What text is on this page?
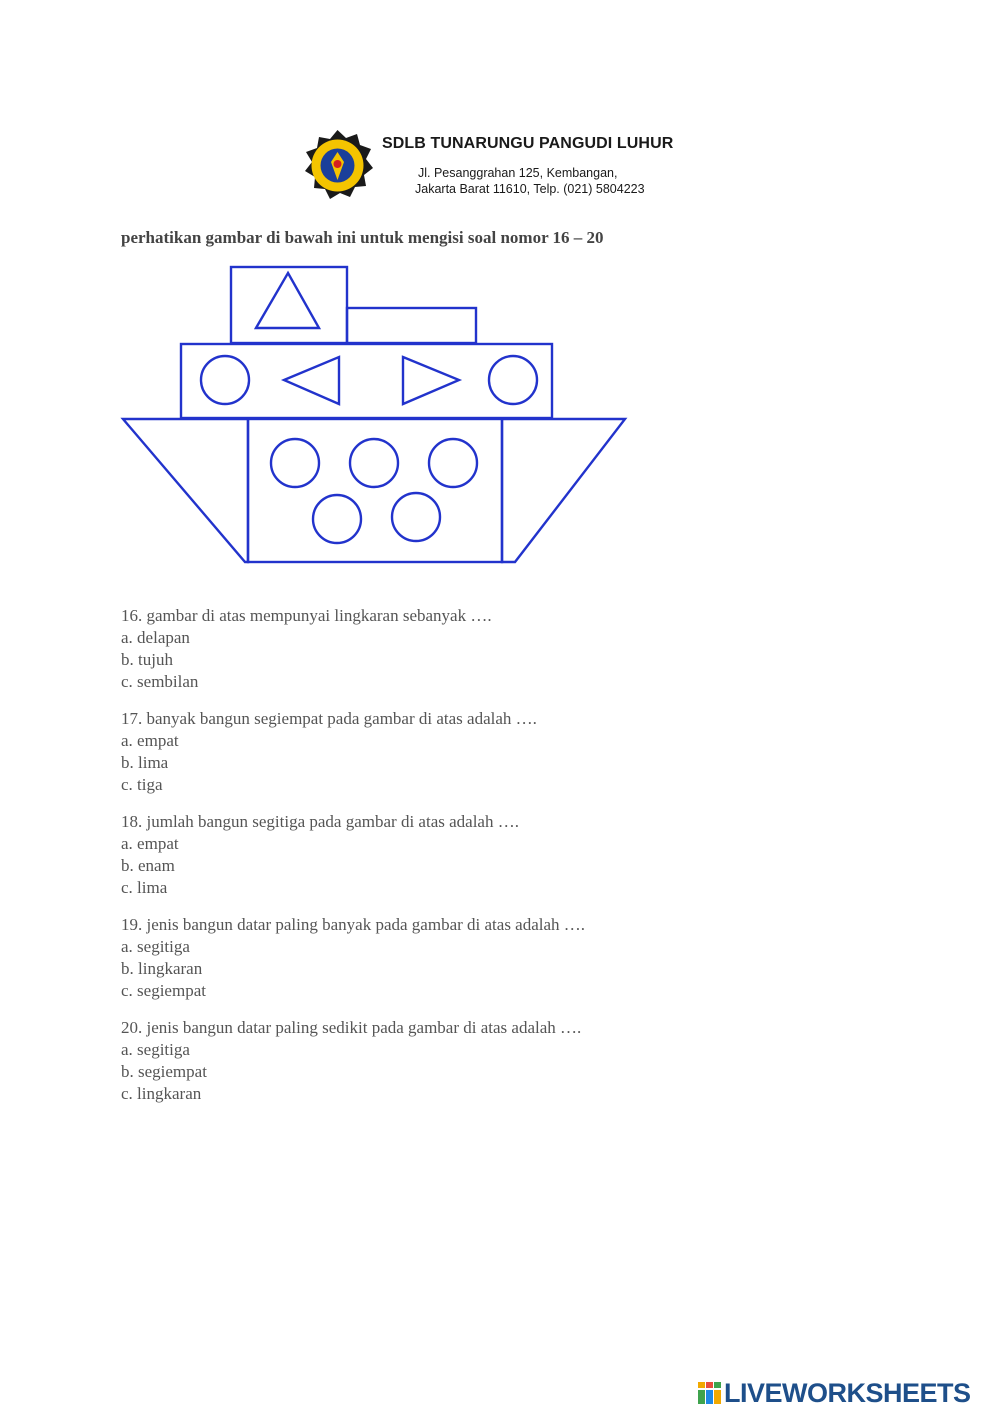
SDLB TUNARUNGU PANGUDI LUHUR
Jl. Pesanggrahan 125, Kembangan,
Jakarta Barat 11610, Telp. (021) 5804223
perhatikan gambar di bawah ini untuk mengisi soal nomor 16 – 20
16. gambar di atas mempunyai lingkaran sebanyak ….
a. delapan
b. tujuh
c. sembilan
17. banyak bangun segiempat pada gambar di atas adalah ….
a. empat
b. lima
c. tiga
18. jumlah bangun segitiga pada gambar di atas adalah ….
a. empat
b. enam
c. lima
19. jenis bangun datar paling banyak pada gambar di atas adalah ….
a. segitiga
b. lingkaran
c. segiempat
20. jenis bangun datar paling sedikit pada gambar di atas adalah ….
a. segitiga
b. segiempat
c. lingkaran
LIVEWORKSHEETS
